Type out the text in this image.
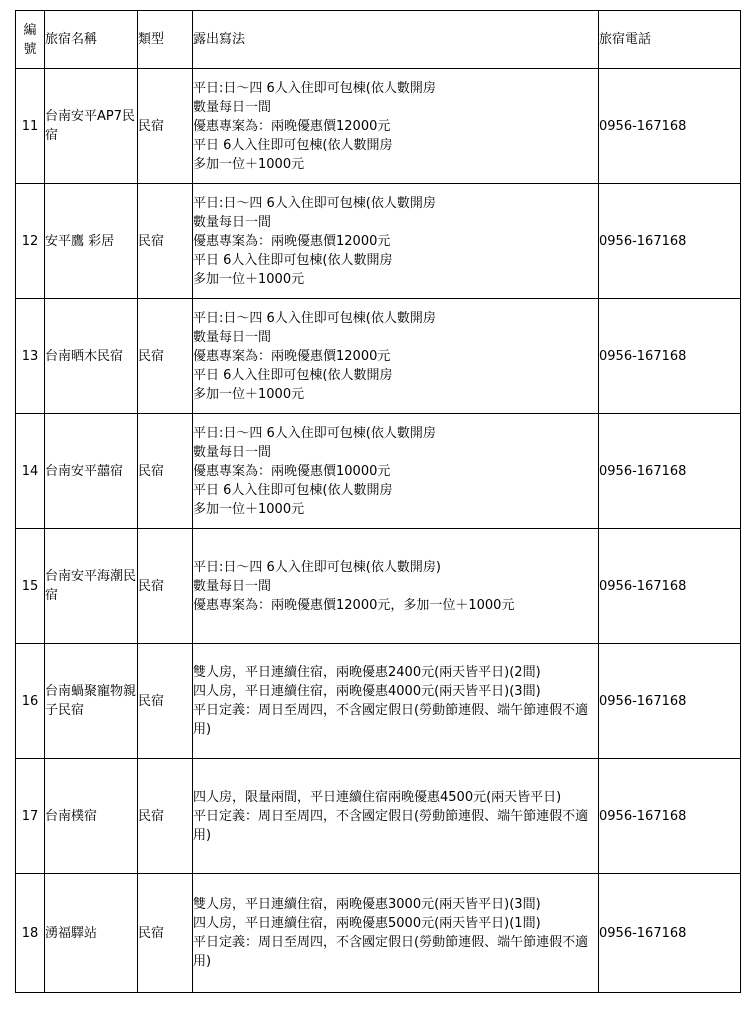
編號	旅宿名稱	類型	露出寫法	旅宿電話
11	台南安平AP7民宿	民宿	平日:日～四 6人入住即可包棟(依人數開房
數量每日一間
優惠專案為：兩晚優惠價12000元
平日 6人入住即可包棟(依人數開房
多加一位＋1000元	0956-167168
12	安平鷹 彩居	民宿	平日:日～四 6人入住即可包棟(依人數開房
數量每日一間
優惠專案為：兩晚優惠價12000元
平日 6人入住即可包棟(依人數開房
多加一位＋1000元	0956-167168
13	台南晒木民宿	民宿	平日:日～四 6人入住即可包棟(依人數開房
數量每日一間
優惠專案為：兩晚優惠價12000元
平日 6人入住即可包棟(依人數開房
多加一位＋1000元	0956-167168
14	台南安平囍宿	民宿	平日:日～四 6人入住即可包棟(依人數開房
數量每日一間
優惠專案為：兩晚優惠價10000元
平日 6人入住即可包棟(依人數開房
多加一位＋1000元	0956-167168
15	台南安平海潮民宿	民宿	平日:日～四 6人入住即可包棟(依人數開房)
數量每日一間
優惠專案為：兩晚優惠價12000元，多加一位＋1000元	0956-167168
16	台南蝸聚寵物親子民宿	民宿	雙人房，平日連續住宿，兩晚優惠2400元(兩天皆平日)(2間)
四人房，平日連續住宿，兩晚優惠4000元(兩天皆平日)(3間)
平日定義：周日至周四，不含國定假日(勞動節連假、端午節連假不適用)	0956-167168
17	台南樸宿	民宿	四人房，限量兩間，平日連續住宿兩晚優惠4500元(兩天皆平日)
平日定義：周日至周四，不含國定假日(勞動節連假、端午節連假不適用)	0956-167168
18	湧福驛站	民宿	雙人房，平日連續住宿，兩晚優惠3000元(兩天皆平日)(3間)
四人房，平日連續住宿，兩晚優惠5000元(兩天皆平日)(1間)
平日定義：周日至周四，不含國定假日(勞動節連假、端午節連假不適用)	0956-167168
